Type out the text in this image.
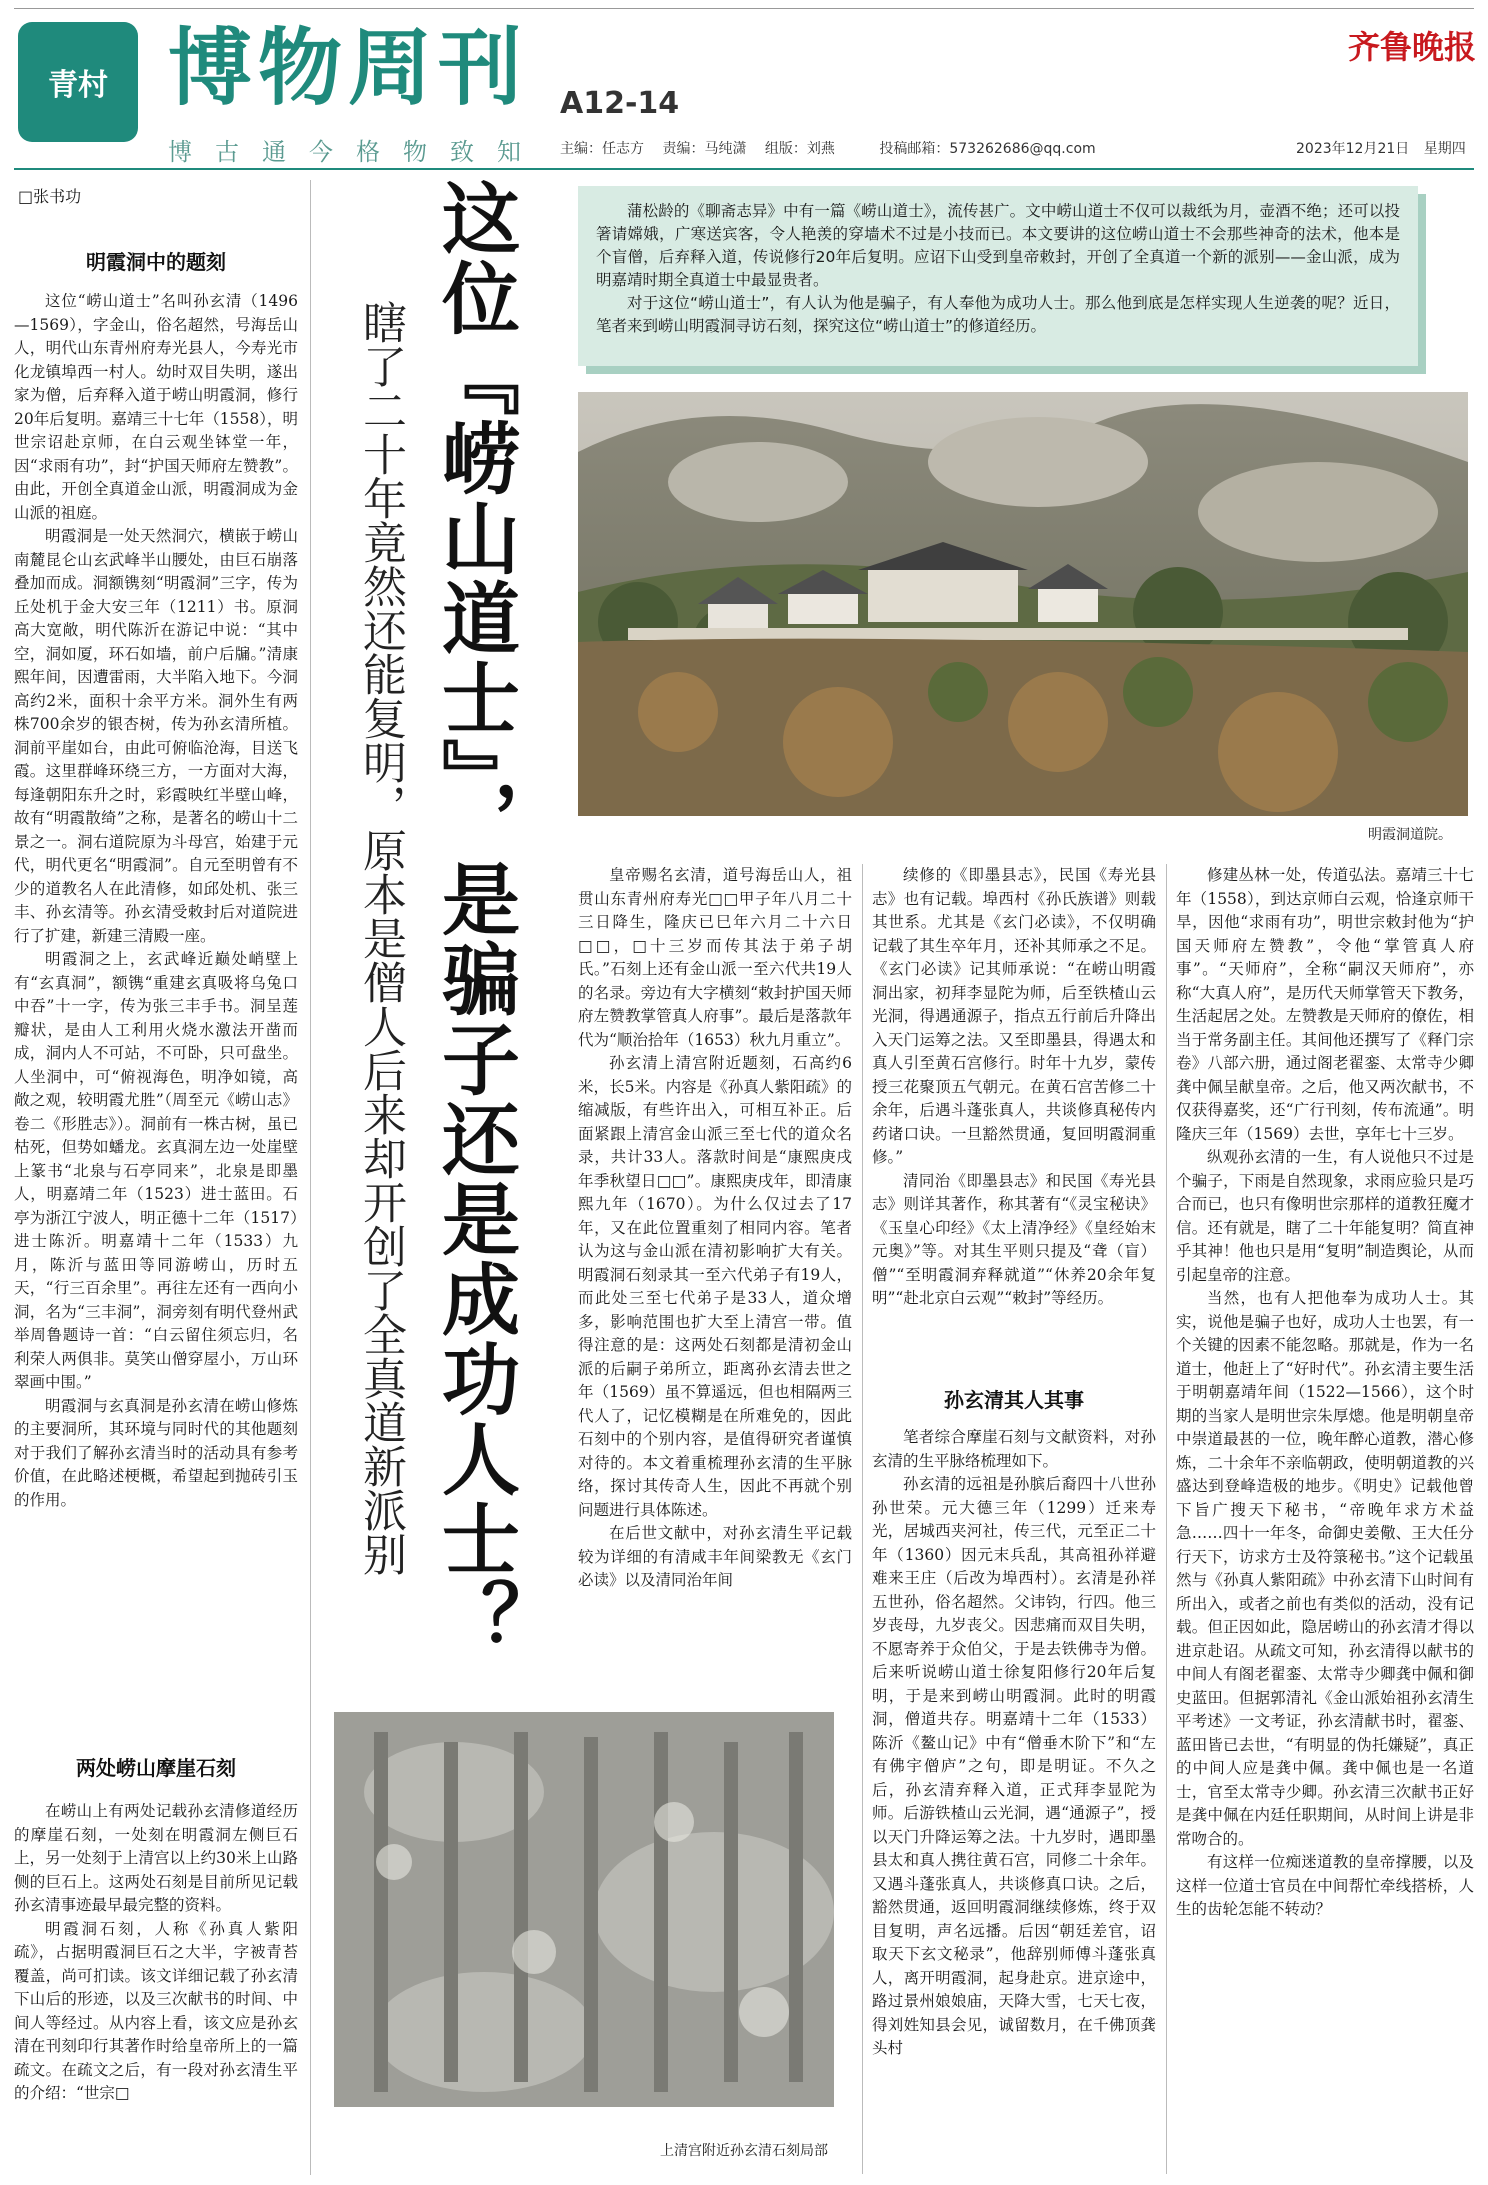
青村 博物周刊 A12-14
博古通今格物致知
齐鲁晚报
主编：任志方 责编：马纯潇 组版：刘燕	投稿邮箱：573262686@qq.com	2023年12月21日 星期四
□张书功
明霞洞中的题刻

这位“崂山道士”名叫孙玄清（1496—1569），字金山，俗名超然，号海岳山人，明代山东青州府寿光县人，今寿光市化龙镇埠西一村人。幼时双目失明，遂出家为僧，后弃释入道于崂山明霞洞，修行20年后复明。嘉靖三十七年（1558），明世宗诏赴京师，在白云观坐钵堂一年，因“求雨有功”，封“护国天师府左赞教”。由此，开创全真道金山派，明霞洞成为金山派的祖庭。

明霞洞是一处天然洞穴，横嵌于崂山南麓昆仑山玄武峰半山腰处，由巨石崩落叠加而成。洞额镌刻“明霞洞”三字，传为丘处机于金大安三年（1211）书。原洞高大宽敞，明代陈沂在游记中说：“其中空，洞如厦，环石如墙，前户后牖。”清康熙年间，因遭雷雨，大半陷入地下。今洞高约2米，面积十余平方米。洞外生有两株700余岁的银杏树，传为孙玄清所植。洞前平崖如台，由此可俯临沧海，目送飞霞。这里群峰环绕三方，一方面对大海，每逢朝阳东升之时，彩霞映红半壁山峰，故有“明霞散绮”之称，是著名的崂山十二景之一。洞右道院原为斗母宫，始建于元代，明代更名“明霞洞”。自元至明曾有不少的道教名人在此清修，如邱处机、张三丰、孙玄清等。孙玄清受敕封后对道院进行了扩建，新建三清殿一座。

明霞洞之上，玄武峰近巅处峭壁上有“玄真洞”，额镌“重建玄真吸将乌兔口中吞”十一字，传为张三丰手书。洞呈莲瓣状，是由人工利用火烧水激法开凿而成，洞内人不可站，不可卧，只可盘坐。人坐洞中，可“俯视海色，明净如镜，高敞之观，较明霞尤胜”（周至元《崂山志》卷二《形胜志》）。洞前有一株古树，虽已枯死，但势如蟠龙。玄真洞左边一处崖壁上篆书“北泉与石亭同来”，北泉是即墨人，明嘉靖二年（1523）进士蓝田。石亭为浙江宁波人，明正德十二年（1517）进士陈沂。明嘉靖十二年（1533）九月，陈沂与蓝田等同游崂山，历时五天，“行三百余里”。再往左还有一西向小洞，名为“三丰洞”，洞旁刻有明代登州武举周鲁题诗一首：“白云留住须忘归，名利荣人两俱非。莫笑山僧穿屋小，万山环翠画中围。”

明霞洞与玄真洞是孙玄清在崂山修炼的主要洞所，其环境与同时代的其他题刻对于我们了解孙玄清当时的活动具有参考价值，在此略述梗概，希望起到抛砖引玉的作用。

两处崂山摩崖石刻

在崂山上有两处记载孙玄清修道经历的摩崖石刻，一处刻在明霞洞左侧巨石上，另一处刻于上清宫以上约30米上山路侧的巨石上。这两处石刻是目前所见记载孙玄清事迹最早最完整的资料。

明霞洞石刻，人称《孙真人紫阳疏》，占据明霞洞巨石之大半，字被青苔覆盖，尚可扪读。该文详细记载了孙玄清下山后的形迹，以及三次献书的时间、中间人等经过。从内容上看，该文应是孙玄清在刊刻印行其著作时给皇帝所上的一篇疏文。在疏文之后，有一段对孙玄清生平的介绍：“世宗□

这位『崂山道士』，是骗子还是成功人士？
瞎了二十年竟然还能复明，原本是僧人后来却开创了全真道新派别

蒲松龄的《聊斋志异》中有一篇《崂山道士》，流传甚广。文中崂山道士不仅可以裁纸为月，壶酒不绝；还可以投箸请嫦娥，广寒送宾客，令人艳羡的穿墙术不过是小技而已。本文要讲的这位崂山道士不会那些神奇的法术，他本是个盲僧，后弃释入道，传说修行20年后复明。应诏下山受到皇帝敕封，开创了全真道一个新的派别——金山派，成为明嘉靖时期全真道士中最显贵者。

对于这位“崂山道士”，有人认为他是骗子，有人奉他为成功人士。那么他到底是怎样实现人生逆袭的呢？近日，笔者来到崂山明霞洞寻访石刻，探究这位“崂山道士”的修道经历。

明霞洞道院。

皇帝赐名玄清，道号海岳山人，祖贯山东青州府寿光□□甲子年八月二十三日降生，隆庆已巳年六月二十六日□□，□十三岁而传其法于弟子胡氏。”石刻上还有金山派一至六代共19人的名录。旁边有大字横刻“敕封护国天师府左赞教掌管真人府事”。最后是落款年代为“顺治拾年（1653）秋九月重立”。

孙玄清上清宫附近题刻，石高约6米，长5米。内容是《孙真人紫阳疏》的缩减版，有些许出入，可相互补正。后面紧跟上清宫金山派三至七代的道众名录，共计33人。落款时间是“康熙庚戌年季秋望日□□”。康熙庚戌年，即清康熙九年（1670）。为什么仅过去了17年，又在此位置重刻了相同内容。笔者认为这与金山派在清初影响扩大有关。明霞洞石刻录其一至六代弟子有19人，而此处三至七代弟子是33人，道众增多，影响范围也扩大至上清宫一带。值得注意的是：这两处石刻都是清初金山派的后嗣子弟所立，距离孙玄清去世之年（1569）虽不算遥远，但也相隔两三代人了，记忆模糊是在所难免的，因此石刻中的个别内容，是值得研究者谨慎对待的。本文着重梳理孙玄清的生平脉络，探讨其传奇人生，因此不再就个别问题进行具体陈述。

在后世文献中，对孙玄清生平记载较为详细的有清咸丰年间梁教无《玄门必读》以及清同治年间

续修的《即墨县志》，民国《寿光县志》也有记载。埠西村《孙氏族谱》则载其世系。尤其是《玄门必读》，不仅明确记载了其生卒年月，还补其师承之不足。《玄门必读》记其师承说：“在崂山明霞洞出家，初拜李显陀为师，后至铁楂山云光洞，得遇通源子，指点五行前后升降出入天门运筹之法。又至即墨县，得遇太和真人引至黄石宫修行。时年十九岁，蒙传授三花聚顶五气朝元。在黄石宫苦修二十余年，后遇斗蓬张真人，共谈修真秘传内药诸口诀。一旦豁然贯通，复回明霞洞重修。”

清同治《即墨县志》和民国《寿光县志》则详其著作，称其著有“《灵宝秘诀》《玉皇心印经》《太上清净经》《皇经始末元奥》”等。对其生平则只提及“聋（盲）僧”“至明霞洞弃释就道”“休养20余年复明”“赴北京白云观”“敕封”等经历。

孙玄清其人其事

笔者综合摩崖石刻与文献资料，对孙玄清的生平脉络梳理如下。

孙玄清的远祖是孙膑后裔四十八世孙孙世荣。元大德三年（1299）迁来寿光，居城西夹河社，传三代，元至正二十年（1360）因元末兵乱，其高祖孙祥避难来王庄（后改为埠西村）。玄清是孙祥五世孙，俗名超然。父讳钧，行四。他三岁丧母，九岁丧父。因悲痛而双目失明，不愿寄养于众伯父，于是去铁佛寺为僧。后来听说崂山道士徐复阳修行20年后复明，于是来到崂山明霞洞。此时的明霞洞，僧道共存。明嘉靖十二年（1533）陈沂《鳌山记》中有“僧垂木阶下”和“左有佛宇僧庐”之句，即是明证。不久之后，孙玄清弃释入道，正式拜李显陀为师。后游铁楂山云光洞，遇“通源子”，授以天门升降运筹之法。十九岁时，遇即墨县太和真人携往黄石宫，同修二十余年。又遇斗蓬张真人，共谈修真口诀。之后，豁然贯通，返回明霞洞继续修炼，终于双目复明，声名远播。后因“朝廷差官，诏取天下玄文秘录”，他辞别师傅斗蓬张真人，离开明霞洞，起身赴京。进京途中，路过景州娘娘庙，天降大雪，七天七夜，得刘姓知县会见，诚留数月，在千佛顶龚头村

修建丛林一处，传道弘法。嘉靖三十七年（1558），到达京师白云观，恰逢京师干旱，因他“求雨有功”，明世宗敕封他为“护国天师府左赞教”，令他“掌管真人府事”。“天师府”，全称“嗣汉天师府”，亦称“大真人府”，是历代天师掌管天下教务，生活起居之处。左赞教是天师府的僚佐，相当于常务副主任。其间他还撰写了《释门宗卷》八部六册，通过阁老翟銮、太常寺少卿龚中佩呈献皇帝。之后，他又两次献书，不仅获得嘉奖，还“广行刊刻，传布流通”。明隆庆三年（1569）去世，享年七十三岁。

纵观孙玄清的一生，有人说他只不过是个骗子，下雨是自然现象，求雨应验只是巧合而已，也只有像明世宗那样的道教狂魔才信。还有就是，瞎了二十年能复明？简直神乎其神！他也只是用“复明”制造舆论，从而引起皇帝的注意。

当然，也有人把他奉为成功人士。其实，说他是骗子也好，成功人士也罢，有一个关键的因素不能忽略。那就是，作为一名道士，他赶上了“好时代”。孙玄清主要生活于明朝嘉靖年间（1522—1566），这个时期的当家人是明世宗朱厚熜。他是明朝皇帝中崇道最甚的一位，晚年醉心道教，潜心修炼，二十余年不亲临朝政，使明朝道教的兴盛达到登峰造极的地步。《明史》记载他曾下旨广搜天下秘书，“帝晚年求方术益急……四十一年冬，命御史姜儆、王大任分行天下，访求方士及符箓秘书。”这个记载虽然与《孙真人紫阳疏》中孙玄清下山时间有所出入，或者之前也有类似的活动，没有记载。但正因如此，隐居崂山的孙玄清才得以进京赴诏。从疏文可知，孙玄清得以献书的中间人有阁老翟銮、太常寺少卿龚中佩和御史蓝田。但据郭清礼《金山派始祖孙玄清生平考述》一文考证，孙玄清献书时，翟銮、蓝田皆已去世，“有明显的伪托嫌疑”，真正的中间人应是龚中佩。龚中佩也是一名道士，官至太常寺少卿。孙玄清三次献书正好是龚中佩在内廷任职期间，从时间上讲是非常吻合的。

有这样一位痴迷道教的皇帝撑腰，以及这样一位道士官员在中间帮忙牵线搭桥，人生的齿轮怎能不转动？

上清宫附近孙玄清石刻局部
